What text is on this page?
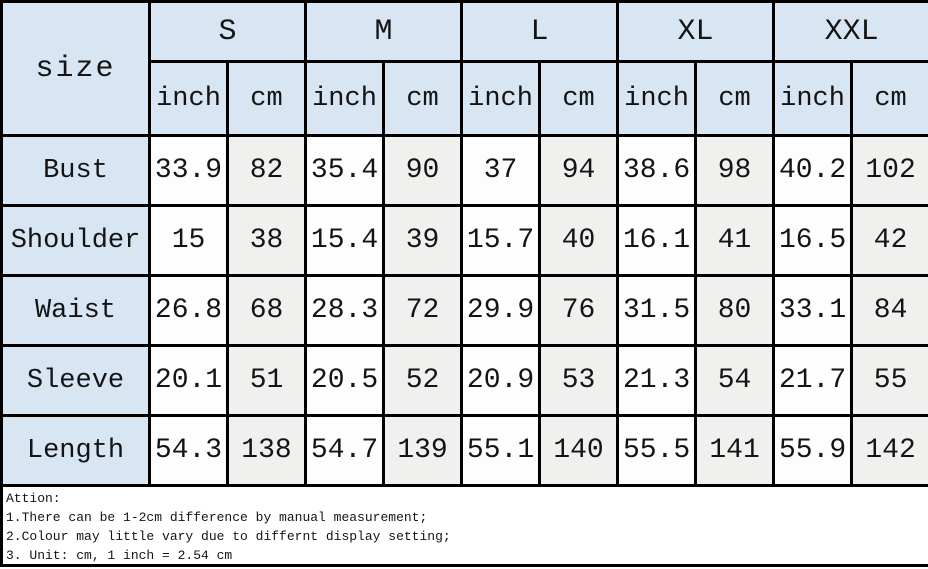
size	S		M		L		XL		XXL	
	inch	cm	inch	cm	inch	cm	inch	cm	inch	cm
Bust	33.9	82	35.4	90	37	94	38.6	98	40.2	102
Shoulder	15	38	15.4	39	15.7	40	16.1	41	16.5	42
Waist	26.8	68	28.3	72	29.9	76	31.5	80	33.1	84
Sleeve	20.1	51	20.5	52	20.9	53	21.3	54	21.7	55
Length	54.3	138	54.7	139	55.1	140	55.5	141	55.9	142
Attion:
1.There can be 1-2cm difference by manual measurement;
2.Colour may little vary due to differnt display setting;
3. Unit: cm, 1 inch = 2.54 cm
